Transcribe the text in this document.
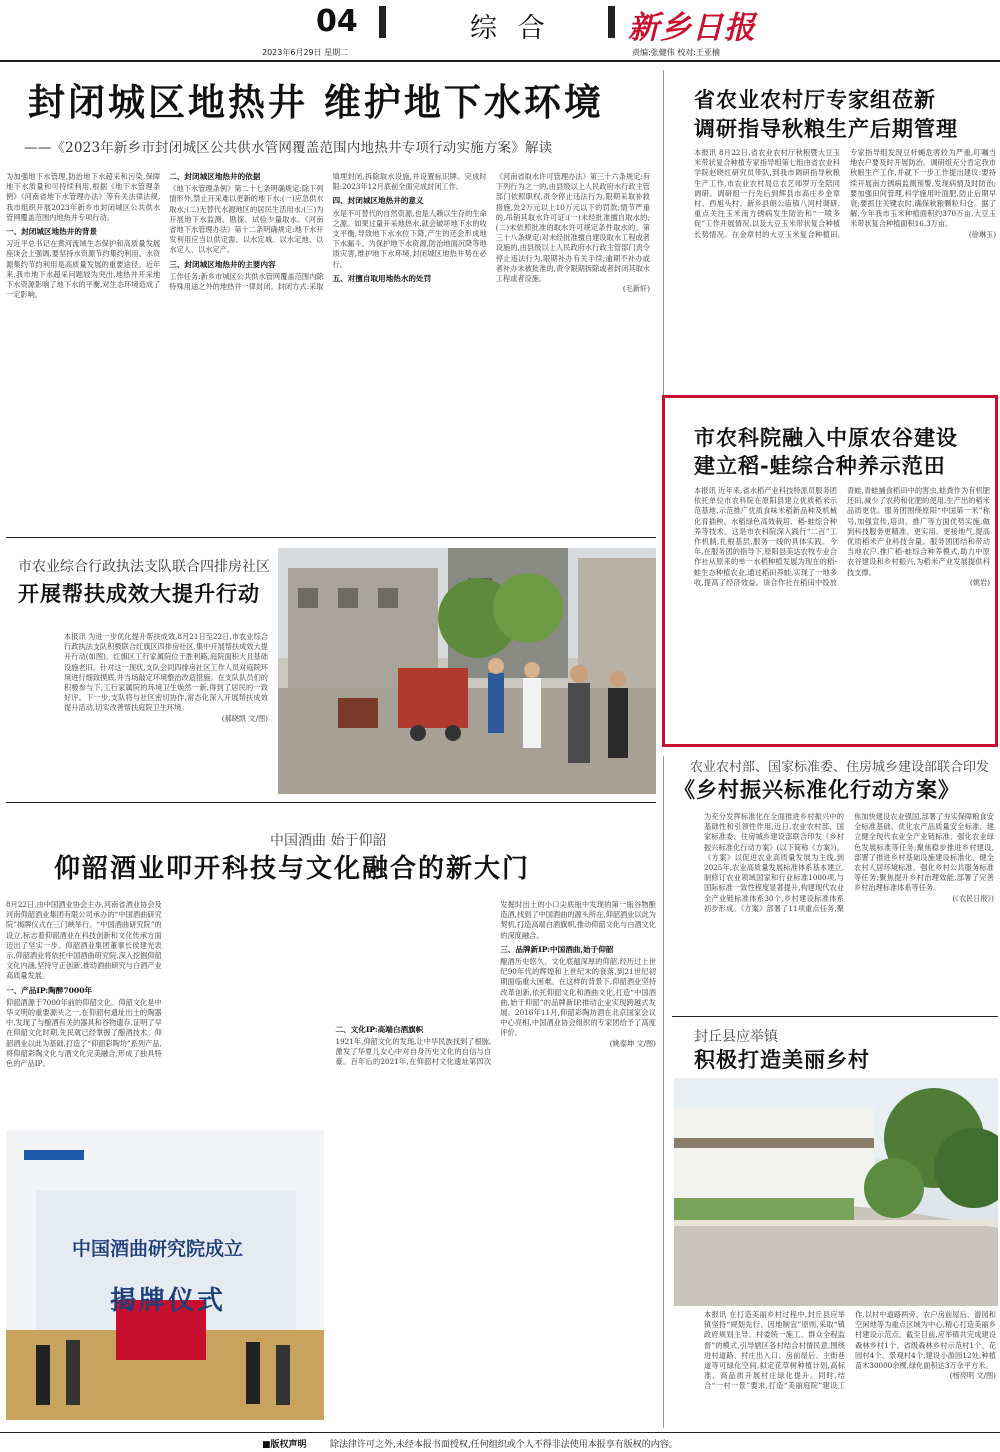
04	综 合 新乡日报
2023年6月29日 星期二	责编:张健伟 校对:王亚楠
封闭城区地热井 维护地下水环境
——《2023年新乡市封闭城区公共供水管网覆盖范围内地热井专项行动实施方案》解读

为加强地下水管理,防治地下水超采和污染,保障地下水质量和可持续利用,根据《地下水管理条例》《河南省地下水管理办法》等有关法律法规,我市组织开展2023年新乡市封闭城区公共供水管网覆盖范围内地热井专项行动。

一、封闭城区地热井的背景

习近平总书记在黄河流域生态保护和高质量发展座谈会上强调,要坚持水资源节约集约利用。水资源集约节约利用是高质量发展的重要途径。近年来,我市地下水超采问题较为突出,地热井开采地下水资源影响了地下水的平衡,对生态环境造成了一定影响。

二、封闭城区地热井的依据

《地下水管理条例》第二十七条明确规定:除下列情形外,禁止开采难以更新的地下水:(一)应急供水取水;(二)无替代水源地区的居民生活用水;(三)为开展地下水监测、勘探、试验少量取水。《河南省地下水管理办法》第十二条明确规定:地下水开发利用应当以供定需、以水定城、以水定地、以水定人、以水定产。

三、封闭城区地热井的主要内容

工作任务:新乡市城区公共供水管网覆盖范围内除特殊用途之外的地热井一律封闭。封闭方式:采取填埋封闭,拆除取水设施,并设置标识牌。完成时限:2023年12月底前全面完成封闭工作。

四、封闭城区地热井的意义

水是不可替代的自然资源,也是人赖以生存的生命之源。如果过量开采地热水,就会破坏地下水的收支平衡,导致地下水水位下降,产生的还会形成地下水漏斗。为保护地下水资源,防治地面沉降等地质灾害,维护地下水环境,封闭城区地热井势在必行。

五、对擅自取用地热水的处罚

《河南省取水许可管理办法》第三十六条规定:有下列行为之一的,由县级以上人民政府水行政主管部门依照职权,责令停止违法行为,限期采取补救措施,处2万元以上10万元以下的罚款;情节严重的,吊销其取水许可证:(一)未经批准擅自取水的;(二)未依照批准的取水许可规定条件取水的。第三十八条规定:对未经批准擅自建设取水工程或者设施的,由县级以上人民政府水行政主管部门责令停止违法行为,限期补办有关手续;逾期不补办或者补办未被批准的,责令限期拆除或者封闭其取水工程或者设施。

(毛新轩)

省农业农村厅专家组莅新
调研指导秋粮生产后期管理

本报讯 8月22日,省农业农村厅秋粮暨大豆玉米带状复合种植专家指导组第七组由省农业科学院赵晓红研究员带队,到我市调研指导秋粮生产工作,市农业农村局总农艺师罗万全陪同调研。调研组一行先后到辉县市高庄乡金章村、西旭头村、新乡县朗公庙镇八河村调研,重点关注玉米南方锈病发生防治和“一喷多促”工作开展情况,以及大豆玉米带状复合种植长势情况。在金章村的大豆玉米复合种植田,专家指导组发现豆杆蝇危害较为严重,叮嘱当地农户要及时开展防治。调研组充分肯定我市秋粮生产工作,并就下一步工作提出建议:要持续开展南方锈病监测预警,发现病情及时防治;要加强田间管理,科学施用叶面肥,防止后期早衰;要抓住关键农时,确保秋粮颗粒归仓。据了解,今年我市玉米种植面积约370万亩,大豆玉米带状复合种植面积16.3万亩。

(徐琳玉)

市农科院融入中原农谷建设
建立稻-蛙综合种养示范田

本报讯 近年来,省水稻产业科技特派员服务团依托单位市农科院在原阳县建立优质稻米示范基地,示范推广优质食味米稻新品种及机械化育插秧、水稻绿色高效栽培、稻-蛙综合种养等技术。这是市农科院深入践行“二百”工作机制,扎根基层,服务一线的具体实践。今年,在服务团的指导下,原阳县美达农牧专业合作社从原来的单一水稻种植发展为现在的稻-蛙生态种植农业,通过稻田养蛙,实现了一地多收,提高了经济效益。该合作社在稻田中投放青蛙,青蛙捕食稻田中的害虫,蛙粪作为有机肥还田,减少了农药和化肥的使用,生产出的稻米品质更优。服务团围绕原阳“中国第一米”称号,加强宣传,培训、推广等方面优势实施,做到科技服务更精准、更实用、更接地气,提高优质稻米产业科技含量。服务团团结和带动当地农户,推广稻-蛙综合种养模式,助力中原农谷建设和乡村振兴,为稻米产业发展提供科技支撑。

(姚岩)

市农业综合行政执法支队联合四排房社区
开展帮扶成效大提升行动

本报讯 为进一步优化提升帮扶成效,8月21日至22日,市农业综合行政执法支队积极联合红旗区四排房社区,集中开展帮扶成效大提升行动(如图)。红旗区工行家属院位于胜利路,庭院面积大且基础设施老旧。针对这一现状,支队会同四排房社区工作人员对庭院环境进行细致摸底,并当场敲定环境整治改造措施。在支队队员们的积极参与下,工行家属院的环境卫生焕然一新,得到了居民的一致好评。下一步,支队将与社区密切协作,常态化深入开展帮扶成效提升活动,切实改善帮扶庭院卫生环境。

(郝晓凯 文/图)

中国酒曲 始于仰韶
仰韶酒业叩开科技与文化融合的新大门

8月22日,由中国酒业协会主办,河南省酒业协会及河南仰韶酒业集团有限公司承办的“中国酒曲研究院”揭牌仪式在三门峡举行。“中国酒曲研究院”的设立,标志着仰韶酒业在科技创新和文化传承方面迈出了坚实一步。仰韶酒业集团董事长侯建光表示,仰韶酒业将依托中国酒曲研究院,深入挖掘仰韶文化内涵,坚持守正创新,推动酒曲研究与白酒产业高质量发展。

一、产品IP:陶醉7000年

仰韶酒源于7000年前的仰韶文化。仰韶文化是中华文明的重要源头之一,在仰韶村遗址出土的陶器中,发现了与酿酒有关的器具和谷物遗存,证明了早在仰韶文化时期,先民就已经掌握了酿酒技术。仰韶酒业以此为基础,打造了“仰韶彩陶坊”系列产品,将仰韶彩陶文化与酒文化完美融合,形成了独具特色的产品IP。

二、文化IP:高端白酒旗帜

1921年,仰韶文化的发现,让中华民族找到了根脉,激发了华夏儿女心中对自身历史文化的自信与自豪。百年后的2021年,在仰韶村文化遗址第四次发掘时出土的小口尖底瓶中发现的第一瓶谷物酿造酒,找到了中国酒曲的源头所在,仰韶酒业以此为契机,打造高端白酒旗帜,推动仰韶文化与白酒文化的深度融合。

三、品牌新IP:中国酒曲,始于仰韶

酿酒历史悠久、文化底蕴深厚的仰韶,经历过上世纪90年代的辉煌和上世纪末的衰落,到21世纪初期面临重大困难。在这样的背景下,仰韶酒业坚持改革创新,依托仰韶文化和酒曲文化,打造“中国酒曲,始于仰韶”的品牌新IP,推动企业实现跨越式发展。2016年11月,仰韶彩陶坊酒在北京国家会议中心亮相,中国酒业协会组织的专家团给予了高度评价。

(姚泰坤 文/图)

中国酒曲研究院成立
揭牌仪式
农业农村部、国家标准委、住房城乡建设部联合印发
《乡村振兴标准化行动方案》

为充分发挥标准化在全面推进乡村振兴中的基础性和引领性作用,近日,农业农村部、国家标准委、住房城乡建设部联合印发《乡村振兴标准化行动方案》(以下简称《方案》)。《方案》以促进农业高质量发展为主线,到2025年,农业高质量发展标准体系基本建立,制修订农业领域国家和行业标准1000项,与国际标准一致性程度显著提升,构建现代农业全产业链标准体系30个,乡村建设标准体系初步形成。《方案》部署了11项重点任务,聚焦加快建设农业强国,部署了夯实保障粮食安全标准基础、优化农产品质量安全标准、建立健全现代农业全产业链标准、强化农业绿色发展标准等任务;聚焦稳步推进乡村建设,部署了推进乡村基础设施建设标准化、健全农村人居环境标准、强化乡村公共服务标准等任务;聚焦提升乡村治理效能,部署了完善乡村治理标准体系等任务。

(《农民日报》)

封丘县应举镇
积极打造美丽乡村

本报讯 在打造美丽乡村过程中,封丘县应举镇坚持“规划先行、因地制宜”原则,采取“镇政府规划主导、村委统一施工、群众全程监督”的模式,引导辖区各村结合村情民意,围绕进村道路、村庄出入口、房前屋后、主街巷道等可绿化空间,拟定花草树种植计划,高标准、高品质开展村庄绿化提升。同时,结合“一村一景”要求,打造“美丽庭院”建设工作,以村中道路两旁、农户房前屋后、游园和空闲地等为重点区域为中心,精心打造美丽乡村建设示范点。截至目前,应举镇共完成建设森林乡村1个、省级森林乡村示范村1个、花园村4个、景观村4个,建设小游园12处,种植苗木30000余棵,绿化面积达3万余平方米。

(杨亮明 文/图)

■版权声明	除法律许可之外,未经本报书面授权,任何组织或个人不得非法使用本报享有版权的内容。
